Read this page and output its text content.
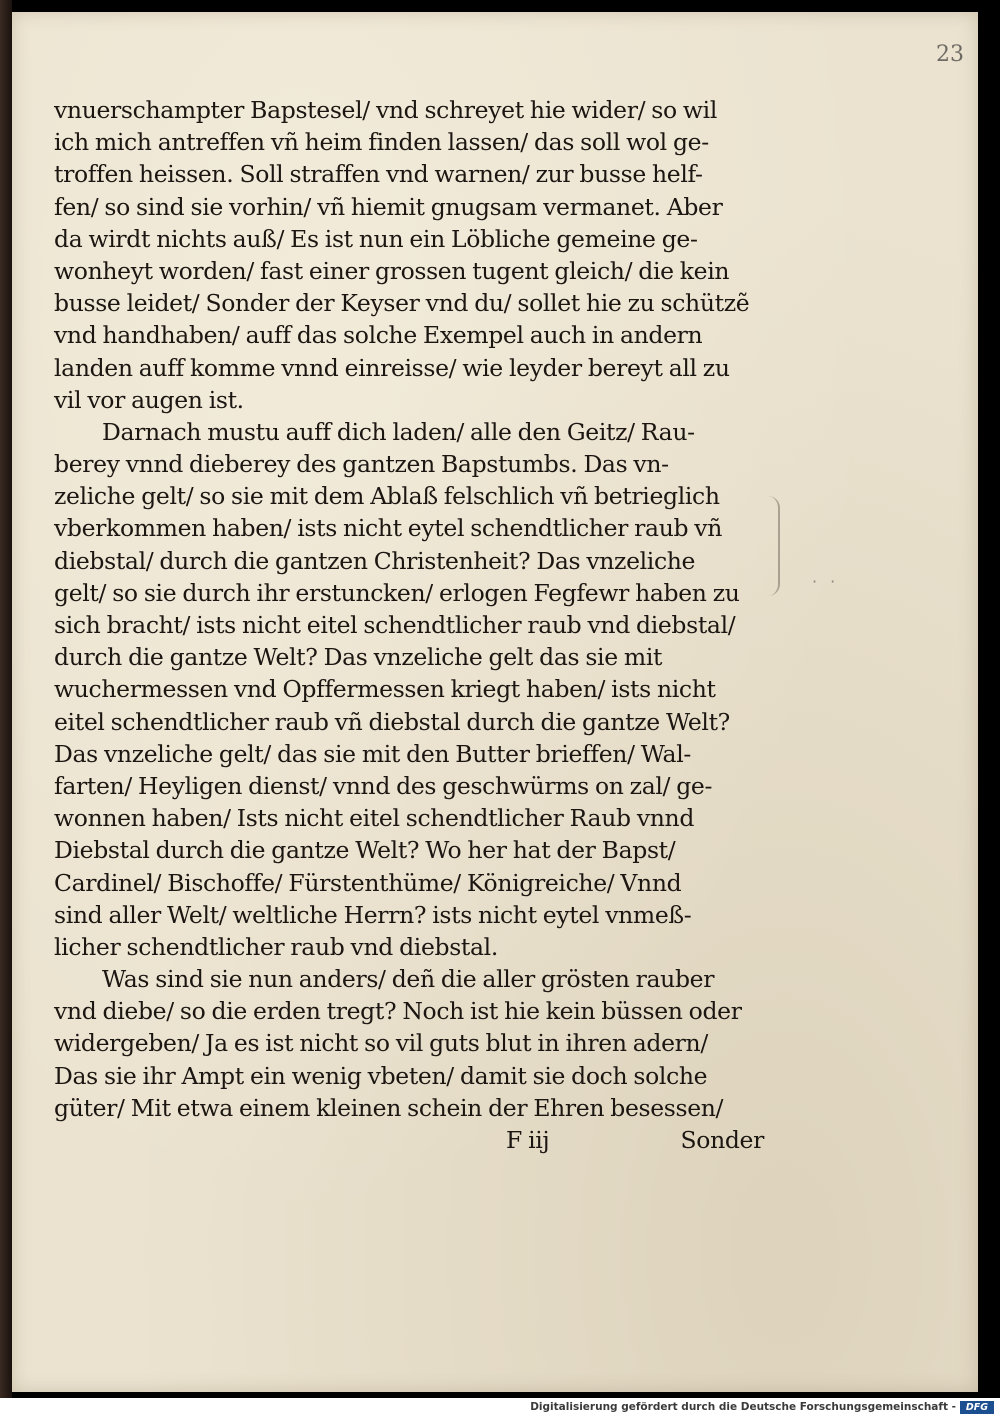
23
vnuerschampter Bapstesel/ vnd schreyet hie wider/ so wil
ich mich antreffen vñ heim finden lassen/ das soll wol ge-
troffen heissen. Soll straffen vnd warnen/ zur busse helf-
fen/ so sind sie vorhin/ vñ hiemit gnugsam vermanet. Aber
da wirdt nichts auß/ Es ist nun ein Löbliche gemeine ge-
wonheyt worden/ fast einer grossen tugent gleich/ die kein
busse leidet/ Sonder der Keyser vnd du/ sollet hie zu schützẽ
vnd handhaben/ auff das solche Exempel auch in andern
landen auff komme vnnd einreisse/ wie leyder bereyt all zu
vil vor augen ist.
Darnach mustu auff dich laden/ alle den Geitz/ Rau-
berey vnnd dieberey des gantzen Bapstumbs. Das vn-
zeliche gelt/ so sie mit dem Ablaß felschlich vñ betrieglich
vberkommen haben/ ists nicht eytel schendtlicher raub vñ
diebstal/ durch die gantzen Christenheit? Das vnzeliche
gelt/ so sie durch ihr erstuncken/ erlogen Fegfewr haben zu
sich bracht/ ists nicht eitel schendtlicher raub vnd diebstal/
durch die gantze Welt? Das vnzeliche gelt das sie mit
wuchermessen vnd Opffermessen kriegt haben/ ists nicht
eitel schendtlicher raub vñ diebstal durch die gantze Welt?
Das vnzeliche gelt/ das sie mit den Butter brieffen/ Wal-
farten/ Heyligen dienst/ vnnd des geschwürms on zal/ ge-
wonnen haben/ Ists nicht eitel schendtlicher Raub vnnd
Diebstal durch die gantze Welt? Wo her hat der Bapst/
Cardinel/ Bischoffe/ Fürstenthüme/ Königreiche/ Vnnd
sind aller Welt/ weltliche Herrn? ists nicht eytel vnmeß-
licher schendtlicher raub vnd diebstal.
Was sind sie nun anders/ deñ die aller grösten rauber
vnd diebe/ so die erden tregt? Noch ist hie kein büssen oder
widergeben/ Ja es ist nicht so vil guts blut in ihren adern/
Das sie ihr Ampt ein wenig vbeten/ damit sie doch solche
güter/ Mit etwa einem kleinen schein der Ehren besessen/
F iij	Sonder
· ·
Digitalisierung gefördert durch die Deutsche Forschungsgemeinschaft -	DFG
